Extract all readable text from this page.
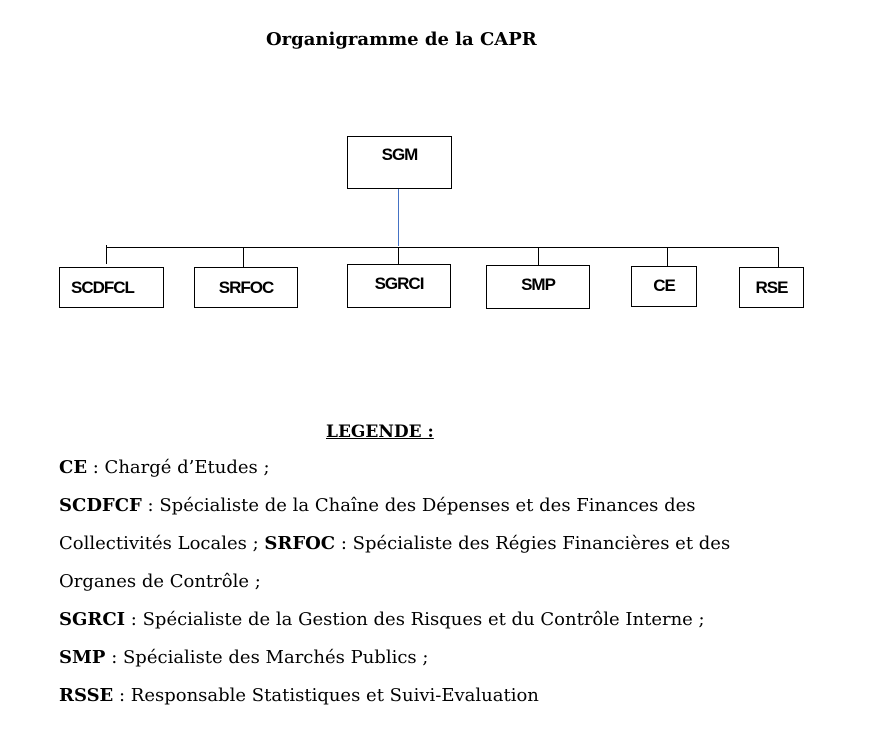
Organigramme de la CAPR
SGM
SCDFCL	SRFOC	SGRCI	SMP	CE	RSE
LEGENDE :
CE : Chargé d’Etudes ;
SCDFCF : Spécialiste de la Chaîne des Dépenses et des Finances des
Collectivités Locales ; SRFOC : Spécialiste des Régies Financières et des
Organes de Contrôle ;
SGRCI : Spécialiste de la Gestion des Risques et du Contrôle Interne ;
SMP : Spécialiste des Marchés Publics ;
RSSE : Responsable Statistiques et Suivi-Evaluation
